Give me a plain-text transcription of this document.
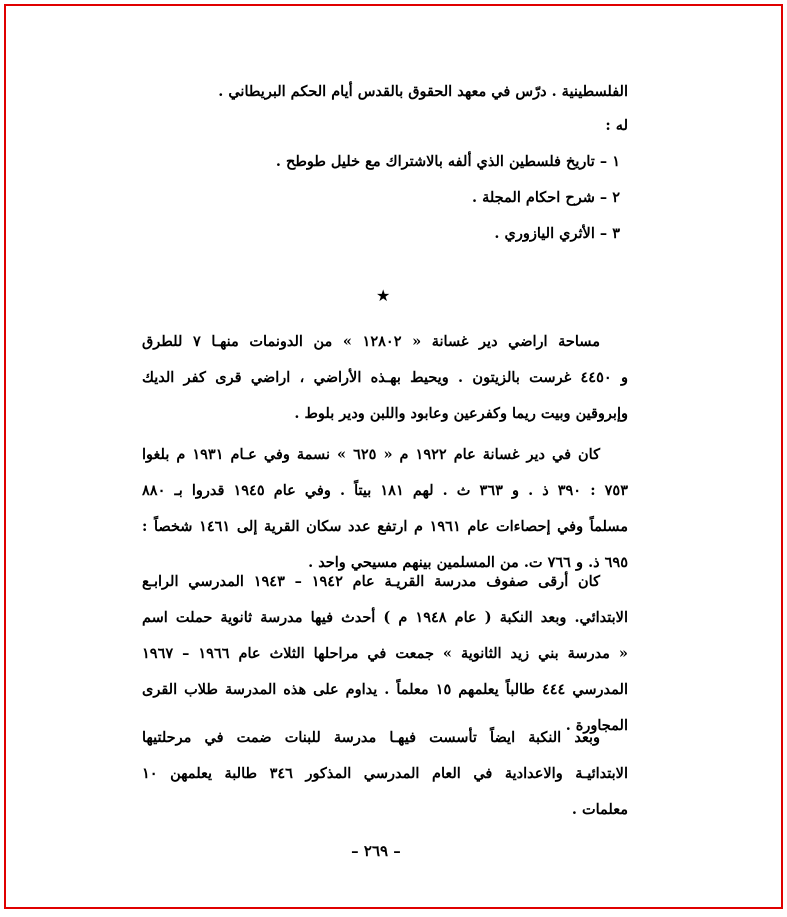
الفلسطينية . درّس في معهد الحقوق بالقدس أيام الحكم البريطاني .
له :
١ – تاريخ فلسطين الذي ألفه بالاشتراك مع خليل طوطح .
٢ – شرح احكام المجلة .
٣ – الأثري اليازوري .
★
مساحة اراضي دير غسانة « ١٢٨٠٢ » من الدونمات منهـا ٧ للطرق
و ٤٤٥٠ غرست بالزيتون . ويحيط بهـذه الأراضي ، اراضي قرى كفر الديك
وإبروقين وبيت ريما وكفرعين وعابود واللبن ودير بلوط .
كان في دير غسانة عام ١٩٢٢ م « ٦٢٥ » نسمة وفي عـام ١٩٣١ م بلغوا
٧٥٣ : ٣٩٠ ذ . و ٣٦٣ ث . لهم ١٨١ بيتاً . وفي عام ١٩٤٥ قدروا بـ ٨٨٠
مسلماً وفي إحصاءات عام ١٩٦١ م ارتفع عدد سكان القرية إلى ١٤٦١ شخصاً :
٦٩٥ ذ. و ٧٦٦ ت. من المسلمين بينهم مسيحي واحد .
كان أرقى صفوف مدرسة القريـة عام ١٩٤٢ – ١٩٤٣ المدرسي الرابـع
الابتدائي. وبعد النكبة ( عام ١٩٤٨ م ) أحدث فيها مدرسة ثانوية حملت اسم
« مدرسة بني زيد الثانوية » جمعت في مراحلها الثلاث عام ١٩٦٦ – ١٩٦٧
المدرسي ٤٤٤ طالباً يعلمهم ١٥ معلماً . يداوم على هذه المدرسة طلاب القرى
المجاورة .
وبعد النكبة ايضاً تأسست فيهـا مدرسة للبنات ضمت في مرحلتيها
الابتدائيـة والاعدادية في العام المدرسي المذكور ٣٤٦ طالبة يعلمهن ١٠
معلمات .
– ٢٦٩ –
